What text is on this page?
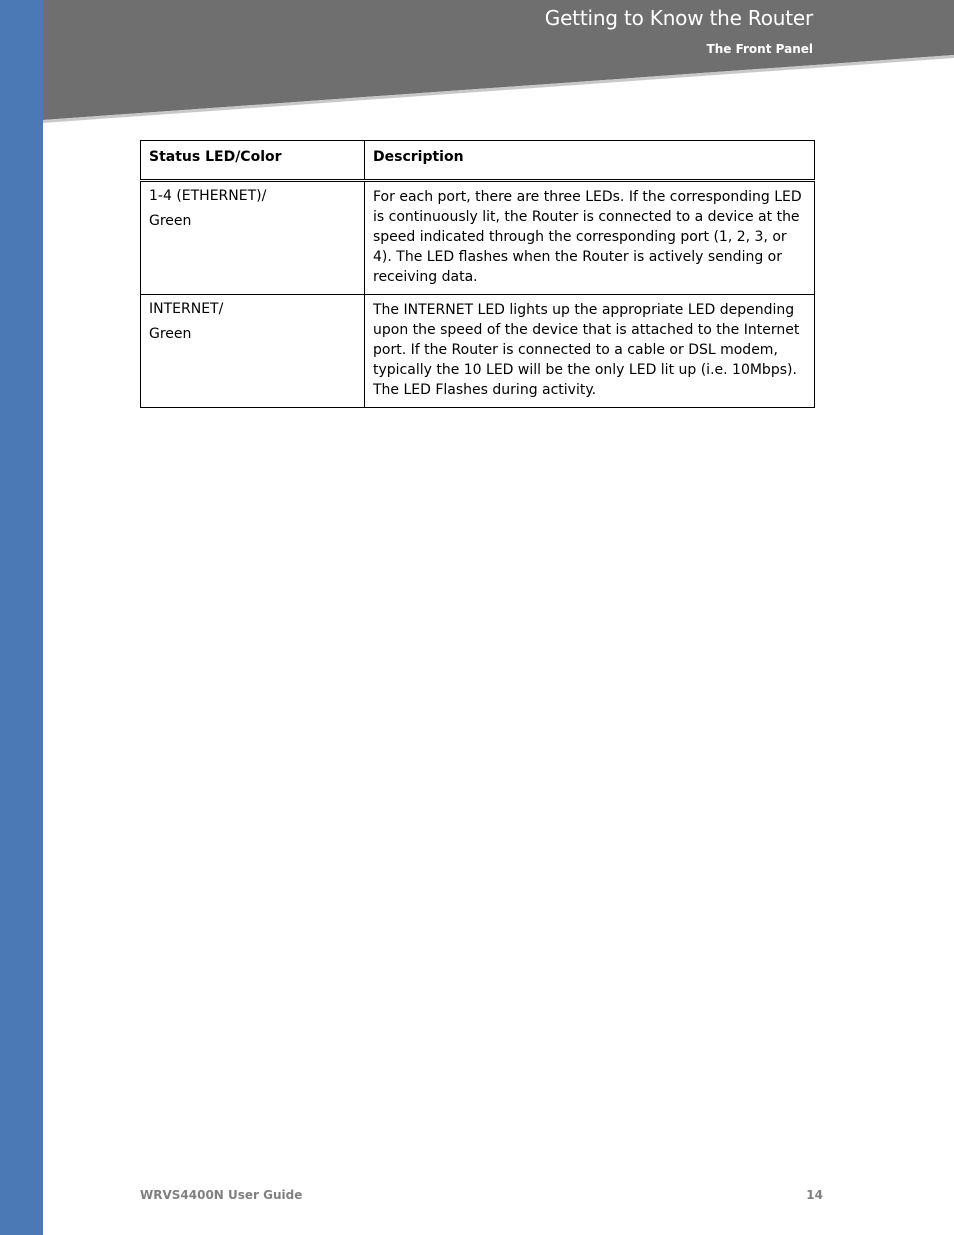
Getting to Know the Router
The Front Panel
Status LED/Color	Description

1-4 (ETHERNET)/
Green	For each port, there are three LEDs. If the corresponding LED is continuously lit, the Router is connected to a device at the speed indicated through the corresponding port (1, 2, 3, or 4). The LED flashes when the Router is actively sending or receiving data.

INTERNET/
Green	The INTERNET LED lights up the appropriate LED depending upon the speed of the device that is attached to the Internet port. If the Router is connected to a cable or DSL modem, typically the 10 LED will be the only LED lit up (i.e. 10Mbps). The LED Flashes during activity.
WRVS4400N User Guide	14
